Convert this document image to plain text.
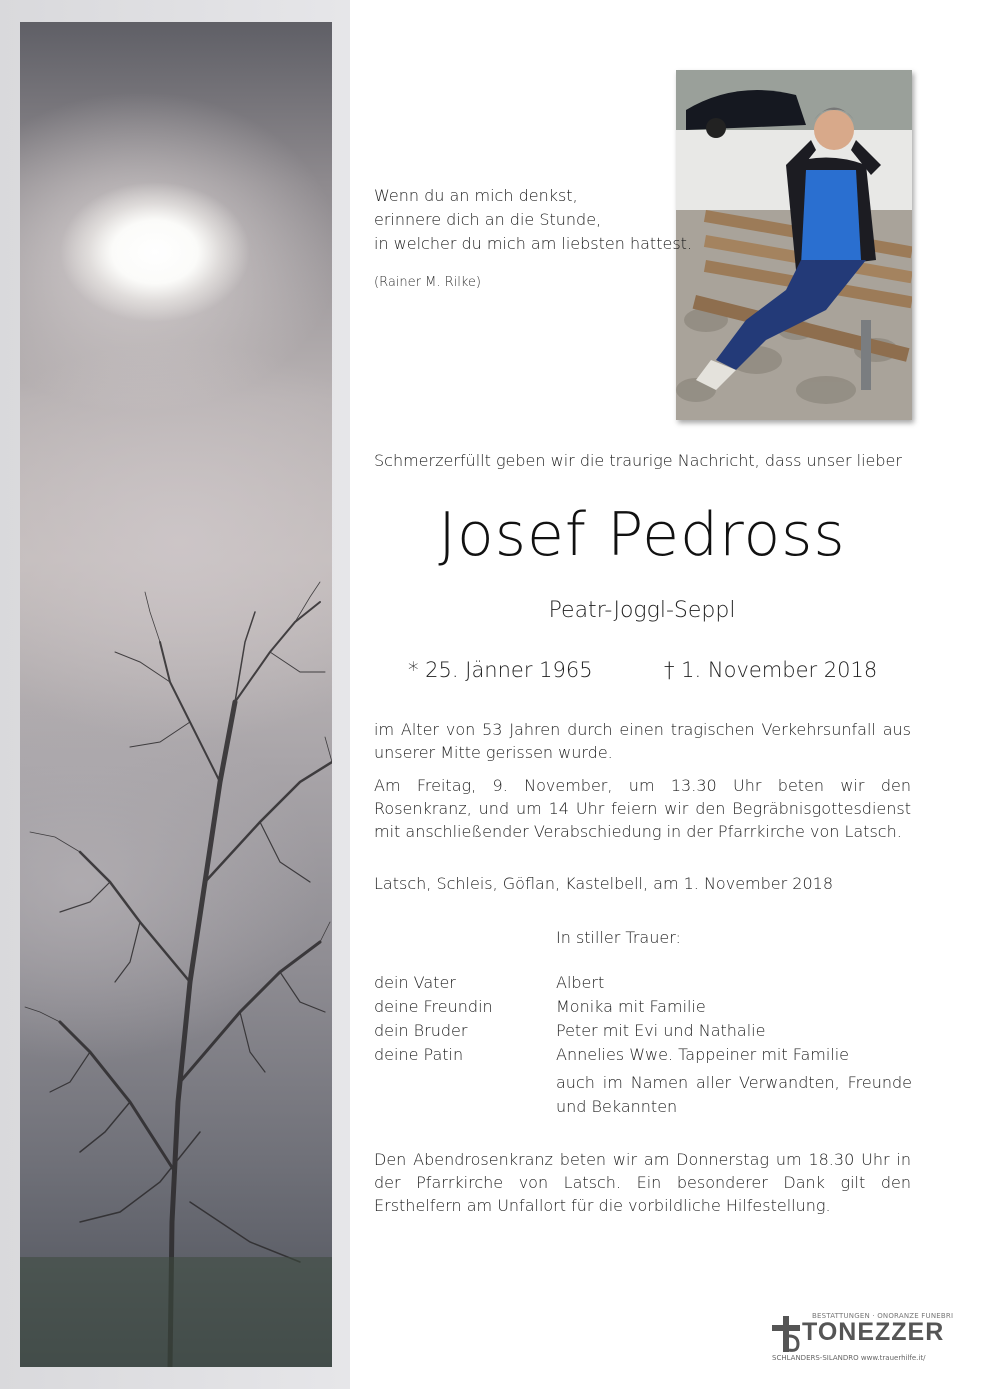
Wenn du an mich denkst,
erinnere dich an die Stunde,
in welcher du mich am liebsten hattest.
(Rainer M. Rilke)
Schmerzerfüllt geben wir die traurige Nachricht, dass unser lieber
Josef Pedross
Peatr-Joggl-Seppl
* 25. Jänner 1965	† 1. November 2018

im Alter von 53 Jahren durch einen tragischen Verkehrsunfall aus unserer Mitte gerissen wurde.

Am Freitag, 9. November, um 13.30 Uhr beten wir den Rosenkranz, und um 14 Uhr feiern wir den Begräbnisgottesdienst mit anschließender Verabschiedung in der Pfarrkirche von Latsch.

Latsch, Schleis, Göflan, Kastelbell, am 1. November 2018
In stiller Trauer:
dein Vater	Albert
deine Freundin	Monika mit Familie
dein Bruder	Peter mit Evi und Nathalie
deine Patin	Annelies Wwe. Tappeiner mit Familie

auch im Namen aller Verwandten, Freunde und Bekannten

Den Abendrosenkranz beten wir am Donnerstag um 18.30 Uhr in der Pfarrkirche von Latsch. Ein besonderer Dank gilt den Ersthelfern am Unfallort für die vorbildliche Hilfestellung.

BESTATTUNGEN · ONORANZE FUNEBRI
TONEZZER
SCHLANDERS-SILANDRO www.trauerhilfe.it/
